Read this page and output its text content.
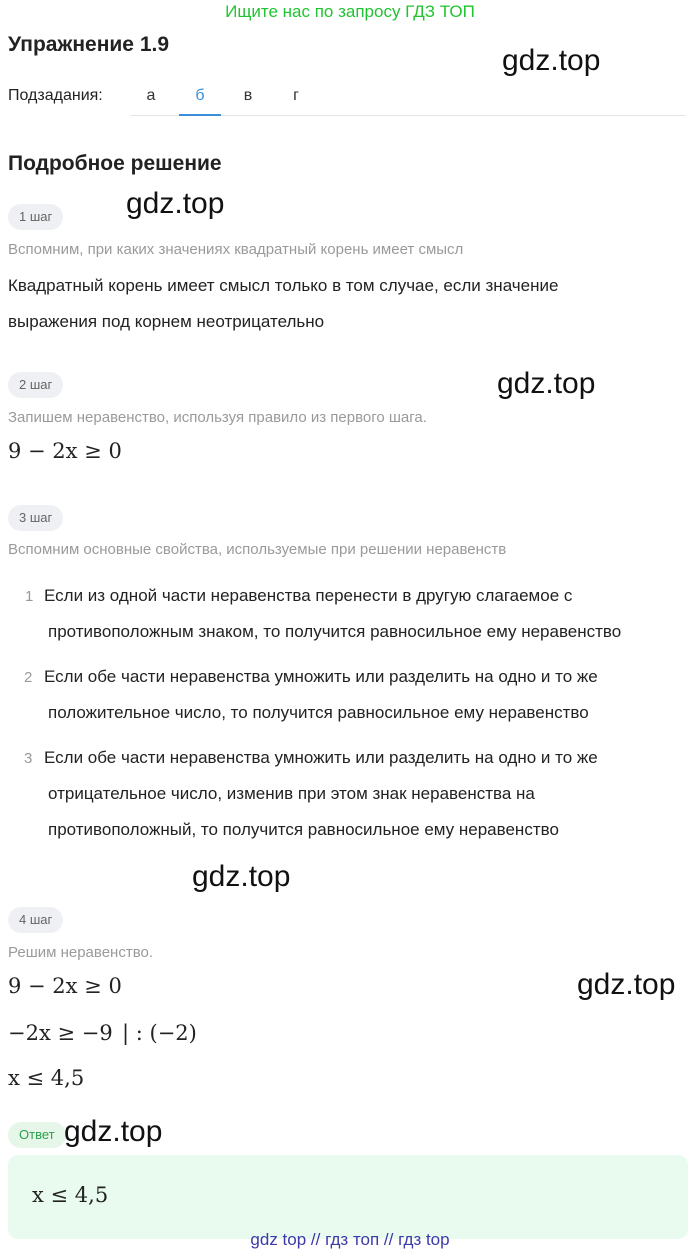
Ищите нас по запросу ГДЗ ТОП
Упражнение 1.9	gdz.top
Подзадания:	а	б	в	г
Подробное решение
1 шаг	gdz.top
Вспомним, при каких значениях квадратный корень имеет смысл
Квадратный корень имеет смысл только в том случае, если значение
выражения под корнем неотрицательно
2 шаг	gdz.top
Запишем неравенство, используя правило из первого шага.
9 − 2x ≥ 0
3 шаг
Вспомним основные свойства, используемые при решении неравенств
1 Если из одной части неравенства перенести в другую слагаемое с
противоположным знаком, то получится равносильное ему неравенство
2 Если обе части неравенства умножить или разделить на одно и то же
положительное число, то получится равносильное ему неравенство
3 Если обе части неравенства умножить или разделить на одно и то же
отрицательное число, изменив при этом знак неравенства на
противоположный, то получится равносильное ему неравенство
gdz.top
4 шаг
Решим неравенство.
9 − 2x ≥ 0	gdz.top
−2x ≥ −9 | : (−2)
x ≤ 4,5
Ответ gdz.top
x ≤ 4,5
gdz top // гдз топ // гдз top
